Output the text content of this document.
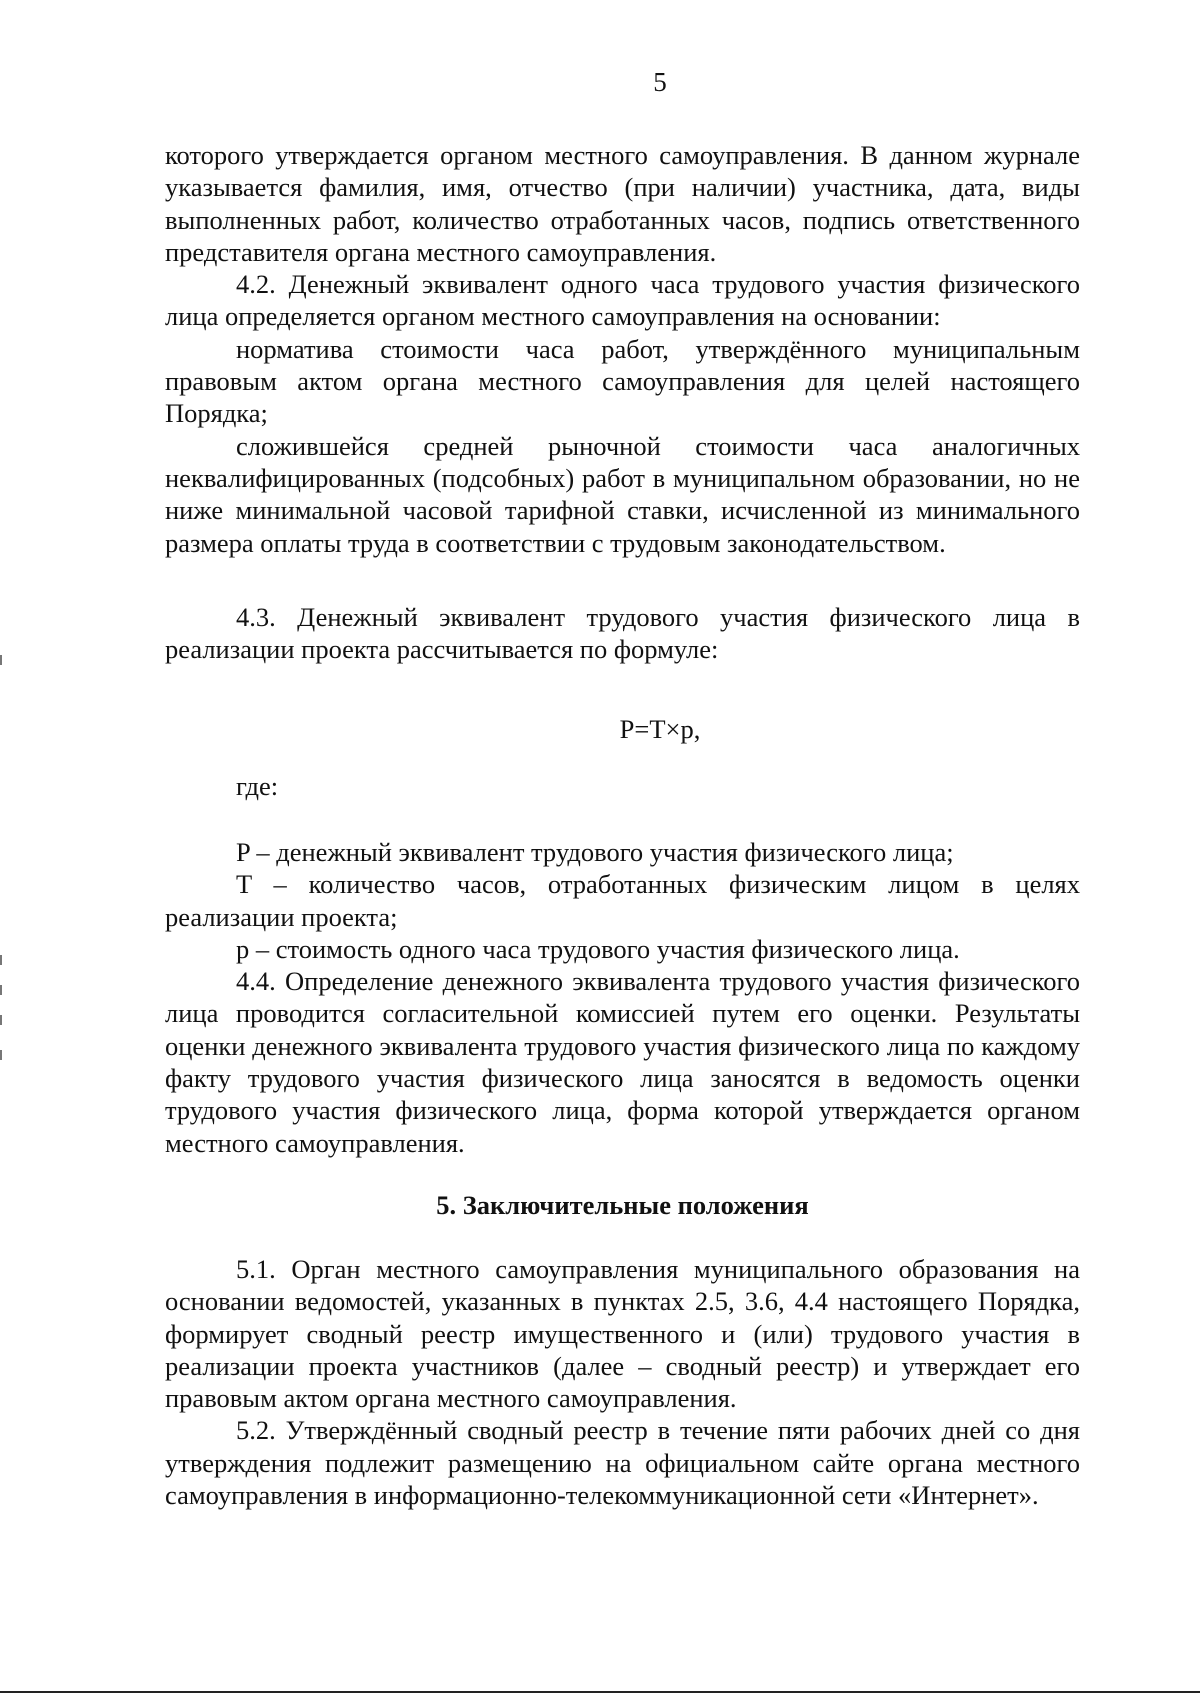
5

которого утверждается органом местного самоуправления. В данном журнале указывается фамилия, имя, отчество (при наличии) участника, дата, виды выполненных работ, количество отработанных часов, подпись ответственного представителя органа местного самоуправления.

4.2. Денежный эквивалент одного часа трудового участия физического лица определяется органом местного самоуправления на основании:

норматива стоимости часа работ, утверждённого муниципальным правовым актом органа местного самоуправления для целей настоящего Порядка;

сложившейся средней рыночной стоимости часа аналогичных неквалифицированных (подсобных) работ в муниципальном образовании, но не ниже минимальной часовой тарифной ставки, исчисленной из минимального размера оплаты труда в соответствии с трудовым законодательством.

4.3. Денежный эквивалент трудового участия физического лица в реализации проекта рассчитывается по формуле:

P=T×p,
где:

P – денежный эквивалент трудового участия физического лица;

T – количество часов, отработанных физическим лицом в целях реализации проекта;

p – стоимость одного часа трудового участия физического лица.

4.4. Определение денежного эквивалента трудового участия физического лица проводится согласительной комиссией путем его оценки. Результаты оценки денежного эквивалента трудового участия физического лица по каждому факту трудового участия физического лица заносятся в ведомость оценки трудового участия физического лица, форма которой утверждается органом местного самоуправления.

5. Заключительные положения

5.1. Орган местного самоуправления муниципального образования на основании ведомостей, указанных в пунктах 2.5, 3.6, 4.4 настоящего Порядка, формирует сводный реестр имущественного и (или) трудового участия в реализации проекта участников (далее – сводный реестр) и утверждает его правовым актом органа местного самоуправления.

5.2. Утверждённый сводный реестр в течение пяти рабочих дней со дня утверждения подлежит размещению на официальном сайте органа местного самоуправления в информационно-телекоммуникационной сети «Интернет».
